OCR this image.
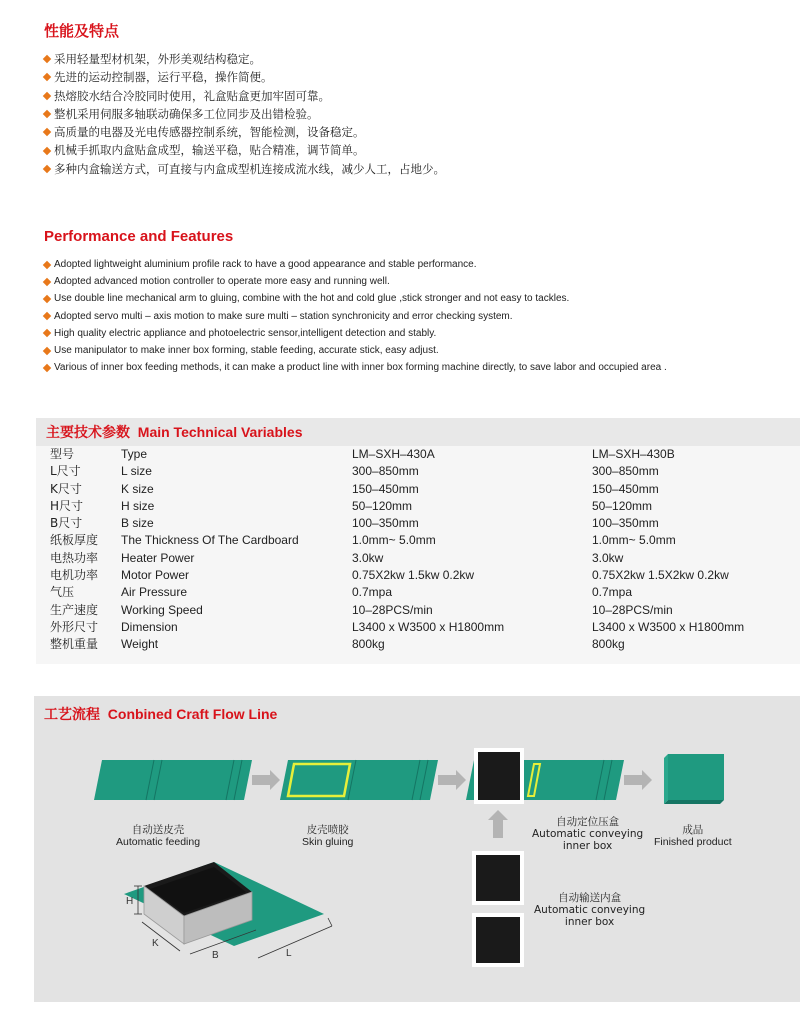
性能及特点
采用轻量型材机架，外形美观结构稳定。
先进的运动控制器，运行平稳，操作简便。
热熔胶水结合冷胶同时使用，礼盒贴盒更加牢固可靠。
整机采用伺服多轴联动确保多工位同步及出错检验。
高质量的电器及光电传感器控制系统，智能检测，设备稳定。
机械手抓取内盒贴盒成型，输送平稳，贴合精准，调节简单。
多种内盒输送方式，可直接与内盒成型机连接成流水线，减少人工，占地少。
Performance and Features
Adopted lightweight aluminium profile rack to have a good appearance and stable performance.
Adopted advanced motion controller to operate more easy and running well.
Use double line mechanical arm to gluing, combine with the hot and cold glue ,stick stronger and not easy to tackles.
Adopted servo multi – axis motion to make sure multi – station synchronicity and error checking system.
High quality electric appliance and photoelectric sensor,intelligent detection and stably.
Use manipulator to make inner box forming, stable feeding, accurate stick, easy adjust.
Various of inner box feeding methods, it can make a product line with inner box forming machine directly, to save labor and occupied area .
主要技术参数 Main Technical Variables
型号	Type	LM–SXH–430A	LM–SXH–430B
L尺寸	L size	300–850mm	300–850mm
K尺寸	K size	150–450mm	150–450mm
H尺寸	H size	50–120mm	50–120mm
B尺寸	B size	100–350mm	100–350mm
纸板厚度 The Thickness Of The Cardboard	1.0mm~ 5.0mm	1.0mm~ 5.0mm
电热功率 Heater Power	3.0kw	3.0kw
电机功率 Motor Power	0.75X2kw 1.5kw 0.2kw	0.75X2kw 1.5X2kw 0.2kw
气压	Air Pressure	0.7mpa	0.7mpa
生产速度 Working Speed	10–28PCS/min	10–28PCS/min
外形尺寸 Dimension	L3400 x W3500 x H1800mm	L3400 x W3500 x H1800mm
整机重量 Weight	800kg	800kg
工艺流程 Conbined Craft Flow Line
H
K
B	L
自动送皮壳
Automatic feeding
皮壳喷胶
Skin gluing
自动定位压盒
Automatic conveying
inner box
成品
Finished product
自动输送内盒
Automatic conveying
inner box
